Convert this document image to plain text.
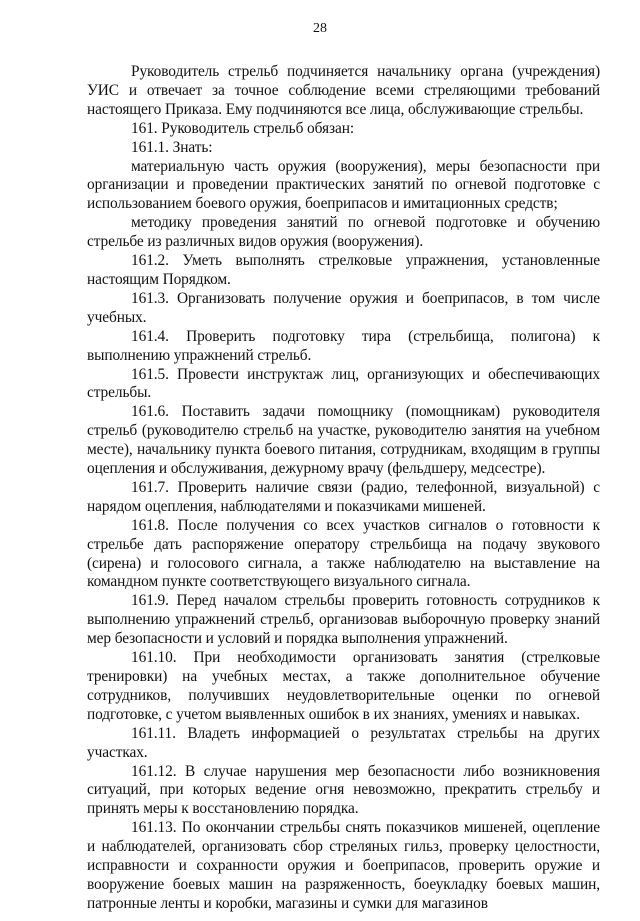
28

Руководитель стрельб подчиняется начальнику органа (учреждения) УИС и отвечает за точное соблюдение всеми стреляющими требований настоящего Приказа. Ему подчиняются все лица, обслуживающие стрельбы.

161. Руководитель стрельб обязан:

161.1. Знать:

материальную часть оружия (вооружения), меры безопасности при организации и проведении практических занятий по огневой подготовке с использованием боевого оружия, боеприпасов и имитационных средств;

методику проведения занятий по огневой подготовке и обучению стрельбе из различных видов оружия (вооружения).

161.2. Уметь выполнять стрелковые упражнения, установленные настоящим Порядком.

161.3. Организовать получение оружия и боеприпасов, в том числе учебных.

161.4. Проверить подготовку тира (стрельбища, полигона) к выполнению упражнений стрельб.

161.5. Провести инструктаж лиц, организующих и обеспечивающих стрельбы.

161.6. Поставить задачи помощнику (помощникам) руководителя стрельб (руководителю стрельб на участке, руководителю занятия на учебном месте), начальнику пункта боевого питания, сотрудникам, входящим в группы оцепления и обслуживания, дежурному врачу (фельдшеру, медсестре).

161.7. Проверить наличие связи (радио, телефонной, визуальной) с нарядом оцепления, наблюдателями и показчиками мишеней.

161.8. После получения со всех участков сигналов о готовности к стрельбе дать распоряжение оператору стрельбища на подачу звукового (сирена) и голосового сигнала, а также наблюдателю на выставление на командном пункте соответствующего визуального сигнала.

161.9. Перед началом стрельбы проверить готовность сотрудников к выполнению упражнений стрельб, организовав выборочную проверку знаний мер безопасности и условий и порядка выполнения упражнений.

161.10. При необходимости организовать занятия (стрелковые тренировки) на учебных местах, а также дополнительное обучение сотрудников, получивших неудовлетворительные оценки по огневой подготовке, с учетом выявленных ошибок в их знаниях, умениях и навыках.

161.11. Владеть информацией о результатах стрельбы на других участках.

161.12. В случае нарушения мер безопасности либо возникновения ситуаций, при которых ведение огня невозможно, прекратить стрельбу и принять меры к восстановлению порядка.

161.13. По окончании стрельбы снять показчиков мишеней, оцепление и наблюдателей, организовать сбор стреляных гильз, проверку целостности, исправности и сохранности оружия и боеприпасов, проверить оружие и вооружение боевых машин на разряженность, боеукладку боевых машин, патронные ленты и коробки, магазины и сумки для магазинов
